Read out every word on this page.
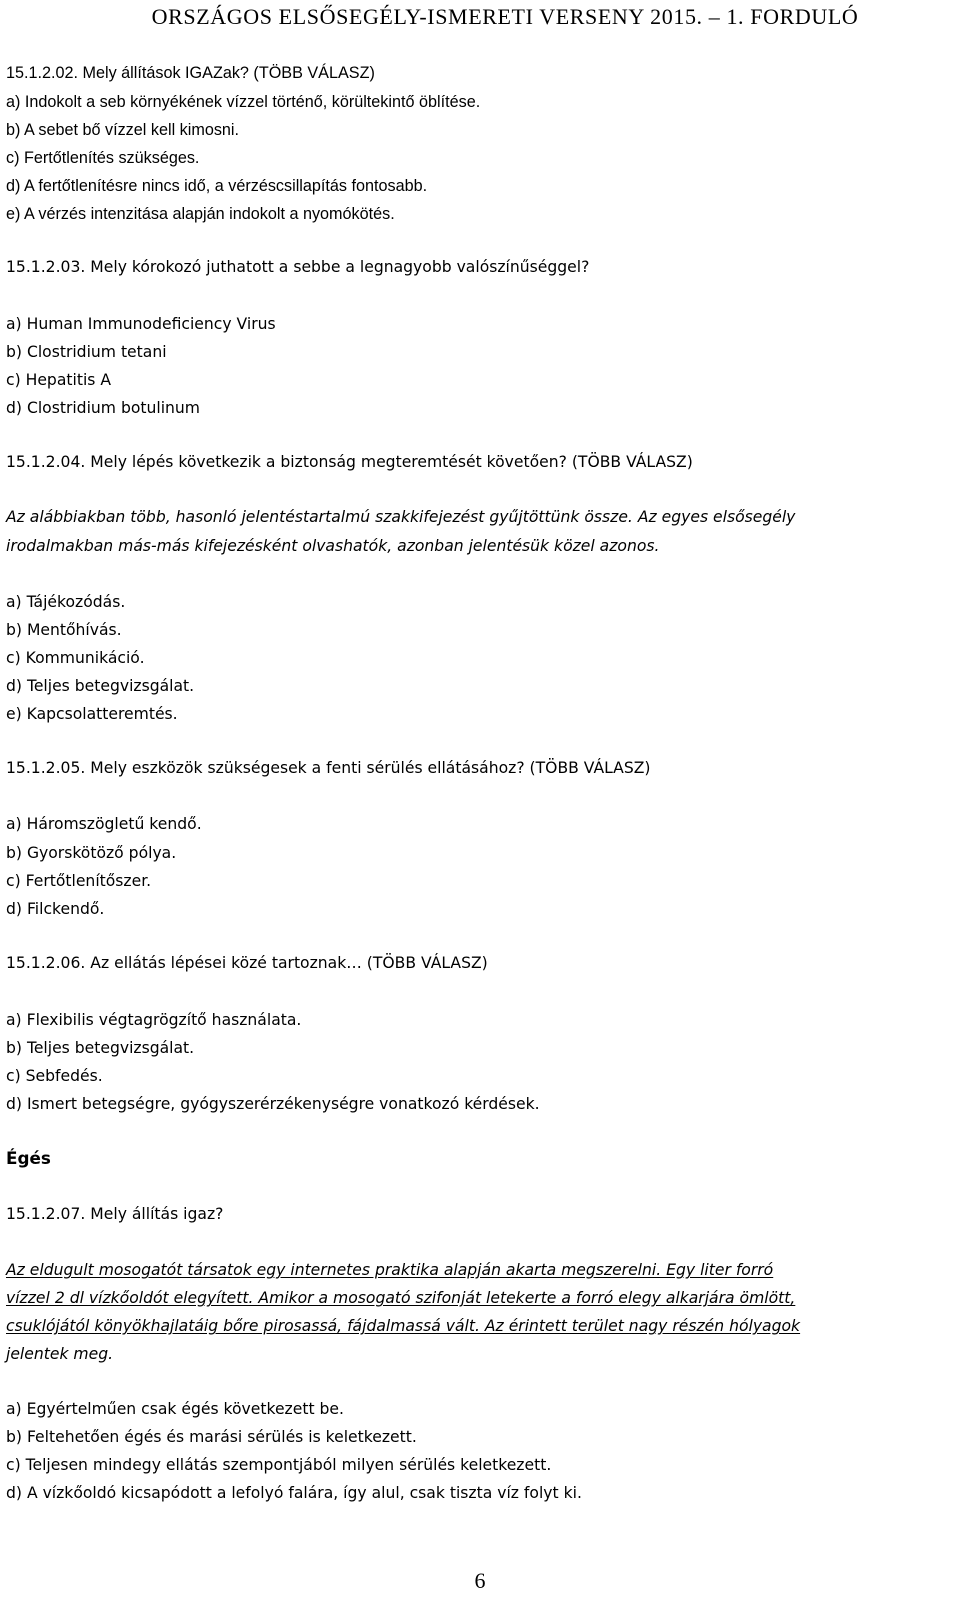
ORSZÁGOS ELSŐSEGÉLY-ISMERETI VERSENY 2015. – 1. FORDULÓ
15.1.2.02. Mely állítások IGAZak? (TÖBB VÁLASZ)
a) Indokolt a seb környékének vízzel történő, körültekintő öblítése.
b) A sebet bő vízzel kell kimosni.
c) Fertőtlenítés szükséges.
d) A fertőtlenítésre nincs idő, a vérzéscsillapítás fontosabb.
e) A vérzés intenzitása alapján indokolt a nyomókötés.
15.1.2.03. Mely kórokozó juthatott a sebbe a legnagyobb valószínűséggel?
a) Human Immunodeficiency Virus
b) Clostridium tetani
c) Hepatitis A
d) Clostridium botulinum
15.1.2.04. Mely lépés következik a biztonság megteremtését követően? (TÖBB VÁLASZ)
Az alábbiakban több, hasonló jelentéstartalmú szakkifejezést gyűjtöttünk össze. Az egyes elsősegély
irodalmakban más-más kifejezésként olvashatók, azonban jelentésük közel azonos.
a) Tájékozódás.
b) Mentőhívás.
c) Kommunikáció.
d) Teljes betegvizsgálat.
e) Kapcsolatteremtés.
15.1.2.05. Mely eszközök szükségesek a fenti sérülés ellátásához? (TÖBB VÁLASZ)
a) Háromszögletű kendő.
b) Gyorskötöző pólya.
c) Fertőtlenítőszer.
d) Filckendő.
15.1.2.06. Az ellátás lépései közé tartoznak… (TÖBB VÁLASZ)
a) Flexibilis végtagrögzítő használata.
b) Teljes betegvizsgálat.
c) Sebfedés.
d) Ismert betegségre, gyógyszerérzékenységre vonatkozó kérdések.
Égés
15.1.2.07. Mely állítás igaz?
Az eldugult mosogatót társatok egy internetes praktika alapján akarta megszerelni. Egy liter forró
vízzel 2 dl vízkőoldót elegyített. Amikor a mosogató szifonját letekerte a forró elegy alkarjára ömlött,
csuklójától könyökhajlatáig bőre pirosassá, fájdalmassá vált. Az érintett terület nagy részén hólyagok
jelentek meg.
a) Egyértelműen csak égés következett be.
b) Feltehetően égés és marási sérülés is keletkezett.
c) Teljesen mindegy ellátás szempontjából milyen sérülés keletkezett.
d) A vízkőoldó kicsapódott a lefolyó falára, így alul, csak tiszta víz folyt ki.
6
